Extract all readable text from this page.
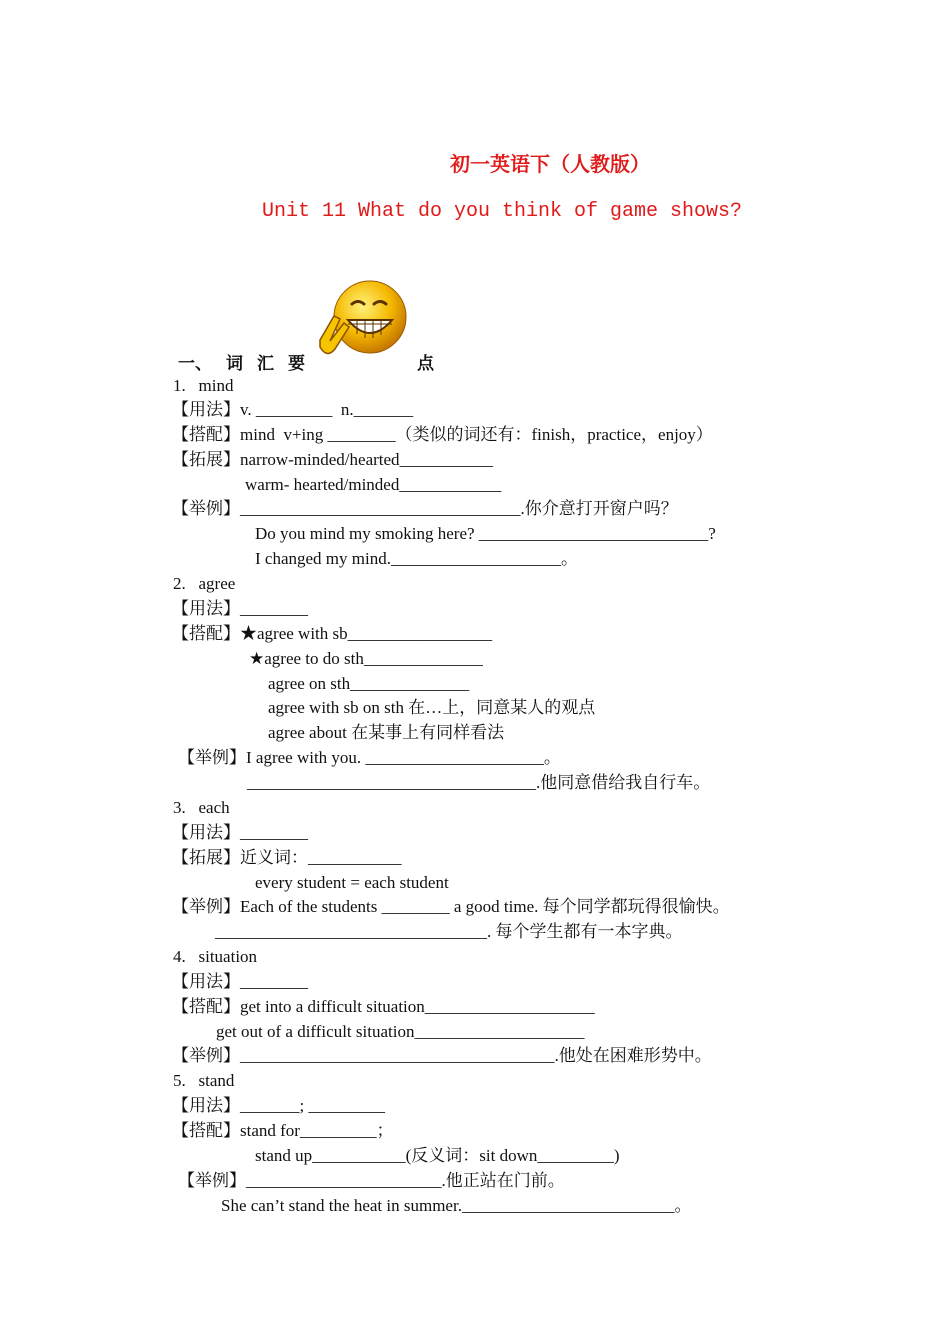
初一英语下（人教版）
Unit 11 What do you think of game shows?
一、 词 汇 要	点
1.   mind
【用法】v. _________  n._______
【搭配】mind  v+ing ________（类似的词还有：finish，practice，enjoy）
【拓展】narrow-minded/hearted___________
warm- hearted/minded____________
【举例】_________________________________.你介意打开窗户吗？
Do you mind my smoking here? ___________________________?
I changed my mind.____________________。
2.   agree
【用法】________
【搭配】★agree with sb_________________
★agree to do sth______________
agree on sth______________
agree with sb on sth 在…上，同意某人的观点
agree about 在某事上有同样看法
【举例】I agree with you. _____________________。
__________________________________.他同意借给我自行车。
3.   each
【用法】________
【拓展】近义词：___________
every student = each student
【举例】Each of the students ________ a good time. 每个同学都玩得很愉快。
________________________________. 每个学生都有一本字典。
4.   situation
【用法】________
【搭配】get into a difficult situation____________________
get out of a difficult situation____________________
【举例】_____________________________________.他处在困难形势中。
5.   stand
【用法】_______; _________
【搭配】stand for_________；
stand up___________(反义词：sit down_________)
【举例】_______________________.他正站在门前。
She can’t stand the heat in summer._________________________。
